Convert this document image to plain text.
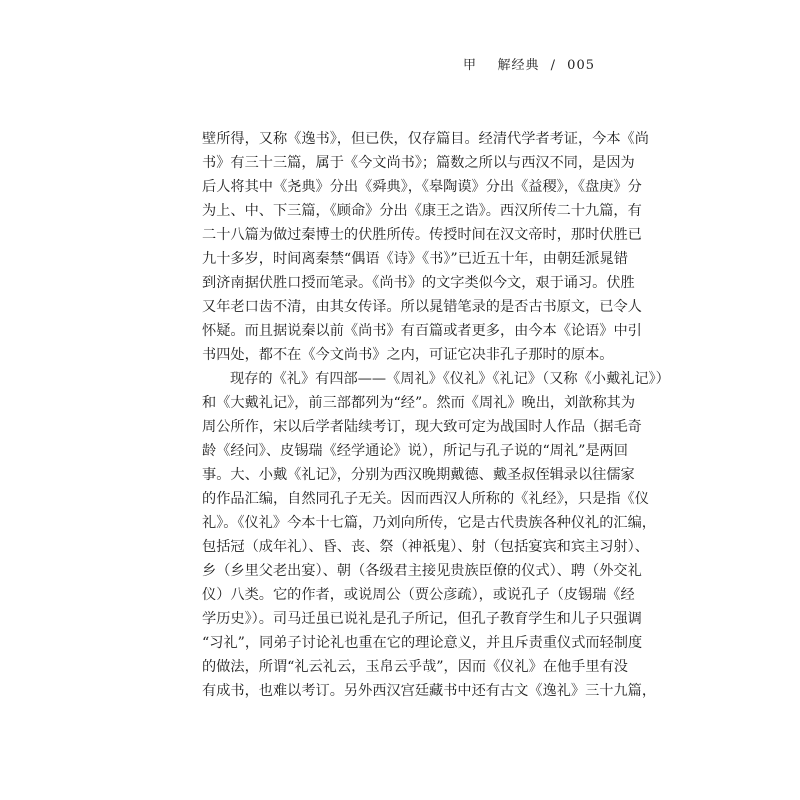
甲 解经典 / 005
壁所得，又称《逸书》，但已佚，仅存篇目。经清代学者考证，今本《尚
书》有三十三篇，属于《今文尚书》；篇数之所以与西汉不同，是因为
后人将其中《尧典》分出《舜典》，《皋陶谟》分出《益稷》，《盘庚》分
为上、中、下三篇，《顾命》分出《康王之诰》。西汉所传二十九篇，有
二十八篇为做过秦博士的伏胜所传。传授时间在汉文帝时，那时伏胜已
九十多岁，时间离秦禁“偶语《诗》《书》”已近五十年，由朝廷派晁错
到济南据伏胜口授而笔录。《尚书》的文字类似今文，艰于诵习。伏胜
又年老口齿不清，由其女传译。所以晁错笔录的是否古书原文，已令人
怀疑。而且据说秦以前《尚书》有百篇或者更多，由今本《论语》中引
书四处，都不在《今文尚书》之内，可证它决非孔子那时的原本。
现存的《礼》有四部——《周礼》《仪礼》《礼记》（又称《小戴礼记》）
和《大戴礼记》，前三部都列为“经”。然而《周礼》晚出，刘歆称其为
周公所作，宋以后学者陆续考订，现大致可定为战国时人作品（据毛奇
龄《经问》、皮锡瑞《经学通论》说），所记与孔子说的“周礼”是两回
事。大、小戴《礼记》，分别为西汉晚期戴德、戴圣叔侄辑录以往儒家
的作品汇编，自然同孔子无关。因而西汉人所称的《礼经》，只是指《仪
礼》。《仪礼》今本十七篇，乃刘向所传，它是古代贵族各种仪礼的汇编，
包括冠（成年礼）、昏、丧、祭（神祇鬼）、射（包括宴宾和宾主习射）、
乡（乡里父老出宴）、朝（各级君主接见贵族臣僚的仪式）、聘（外交礼
仪）八类。它的作者，或说周公（贾公彦疏），或说孔子（皮锡瑞《经
学历史》）。司马迁虽已说礼是孔子所记，但孔子教育学生和儿子只强调
“习礼”，同弟子讨论礼也重在它的理论意义，并且斥责重仪式而轻制度
的做法，所谓“礼云礼云，玉帛云乎哉”，因而《仪礼》在他手里有没
有成书，也难以考订。另外西汉宫廷藏书中还有古文《逸礼》三十九篇，
